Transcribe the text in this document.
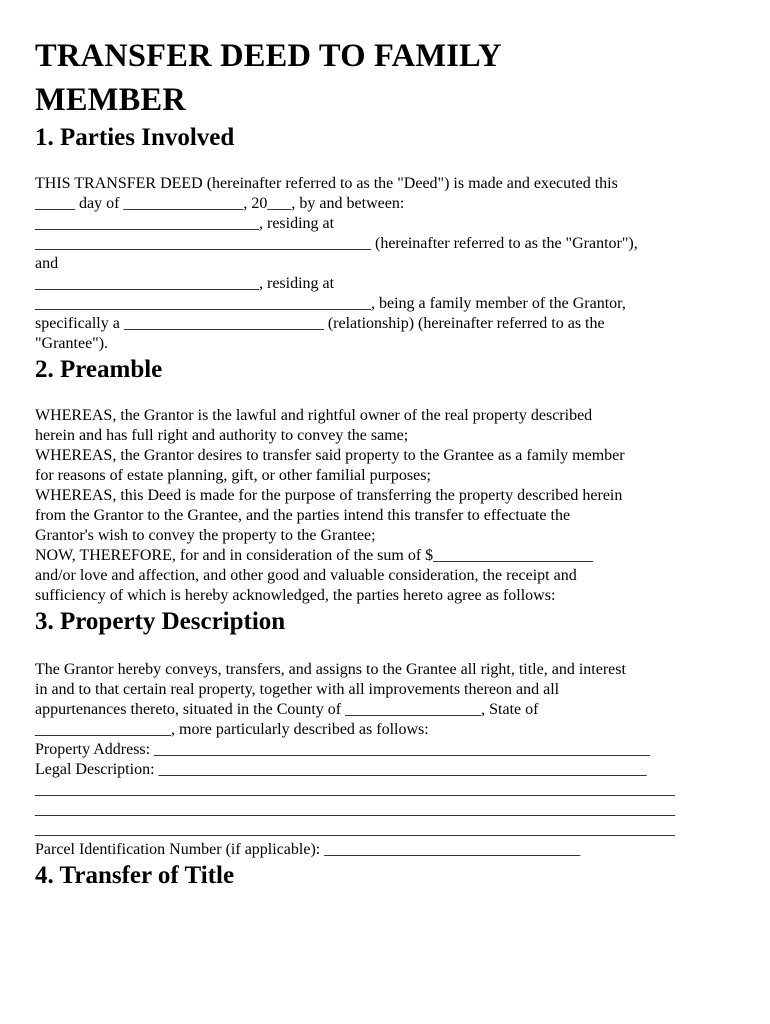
TRANSFER DEED TO FAMILY
MEMBER
1. Parties Involved
THIS TRANSFER DEED (hereinafter referred to as the "Deed") is made and executed this
_____ day of _______________, 20___, by and between:
____________________________, residing at
__________________________________________ (hereinafter referred to as the "Grantor"),
and
____________________________, residing at
__________________________________________, being a family member of the Grantor,
specifically a _________________________ (relationship) (hereinafter referred to as the
"Grantee").
2. Preamble
WHEREAS, the Grantor is the lawful and rightful owner of the real property described
herein and has full right and authority to convey the same;
WHEREAS, the Grantor desires to transfer said property to the Grantee as a family member
for reasons of estate planning, gift, or other familial purposes;
WHEREAS, this Deed is made for the purpose of transferring the property described herein
from the Grantor to the Grantee, and the parties intend this transfer to effectuate the
Grantor's wish to convey the property to the Grantee;
NOW, THEREFORE, for and in consideration of the sum of $____________________
and/or love and affection, and other good and valuable consideration, the receipt and
sufficiency of which is hereby acknowledged, the parties hereto agree as follows:
3. Property Description
The Grantor hereby conveys, transfers, and assigns to the Grantee all right, title, and interest
in and to that certain real property, together with all improvements thereon and all
appurtenances thereto, situated in the County of _________________, State of
_________________, more particularly described as follows:
Property Address: ______________________________________________________________
Legal Description: _____________________________________________________________
________________________________________________________________________________
________________________________________________________________________________
________________________________________________________________________________
Parcel Identification Number (if applicable): ________________________________
4. Transfer of Title
